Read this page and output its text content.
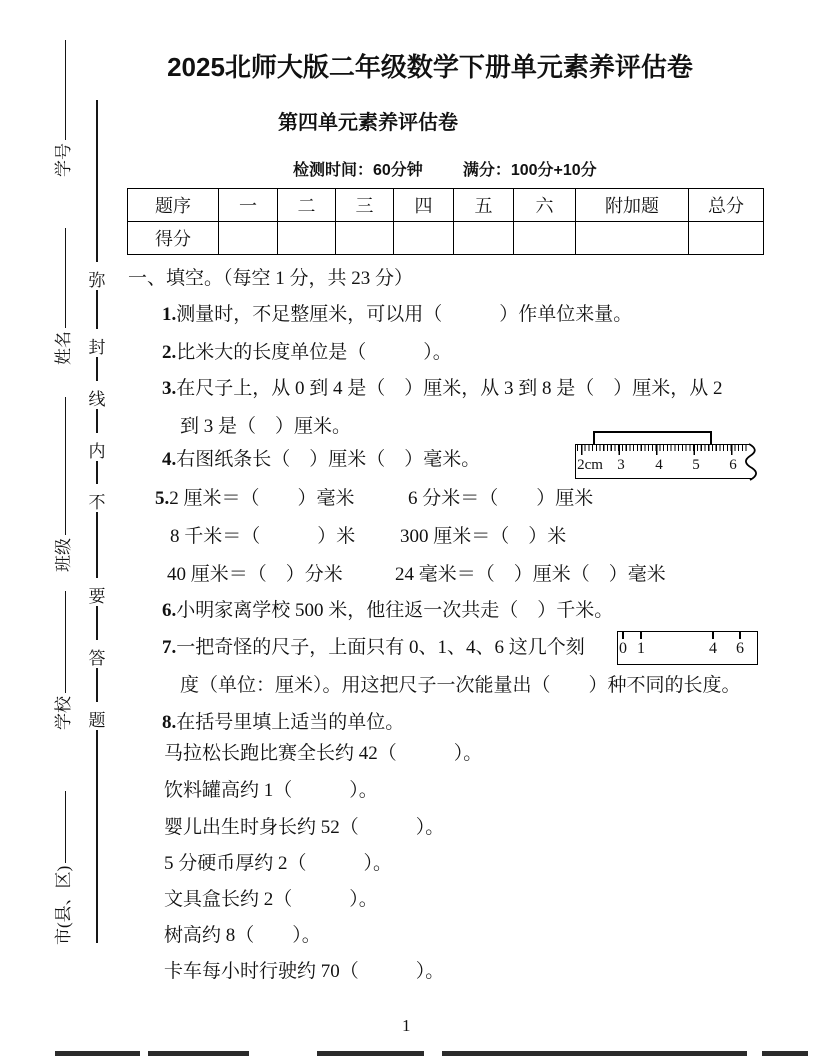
弥
封
线
内
不
要
答
题
学号
姓名
班级
学校
市(县、区)
2025北师大版二年级数学下册单元素养评估卷
第四单元素养评估卷
检测时间：60分钟	满分：100分+10分
题序	一	二	三	四	五	六	附加题	总分
得分								
一、填空。（每空 1 分，共 23 分）
1.测量时，不足整厘米，可以用（　　　）作单位来量。
2.比米大的长度单位是（　　　）。
3.在尺子上，从 0 到 4 是（　）厘米，从 3 到 8 是（　）厘米，从 2
到 3 是（　）厘米。
4.右图纸条长（　）厘米（　）毫米。
5.2 厘米＝（　　）毫米	6 分米＝（　　）厘米
8 千米＝（　　　）米 300 厘米＝（　）米
40 厘米＝（　）分米	24 毫米＝（　）厘米（　）毫米
6.小明家离学校 500 米，他往返一次共走（　）千米。
7.一把奇怪的尺子，上面只有 0、1、4、6 这几个刻
度（单位：厘米）。用这把尺子一次能量出（　　）种不同的长度。
8.在括号里填上适当的单位。
马拉松长跑比赛全长约 42（　　　）。
饮料罐高约 1（　　　）。
婴儿出生时身长约 52（　　　）。
5 分硬币厚约 2（　　　）。
文具盒长约 2（　　　）。
树高约 8（　　）。
卡车每小时行驶约 70（　　　）。
2cm 3 4 5 6
0 1	4 6
1
